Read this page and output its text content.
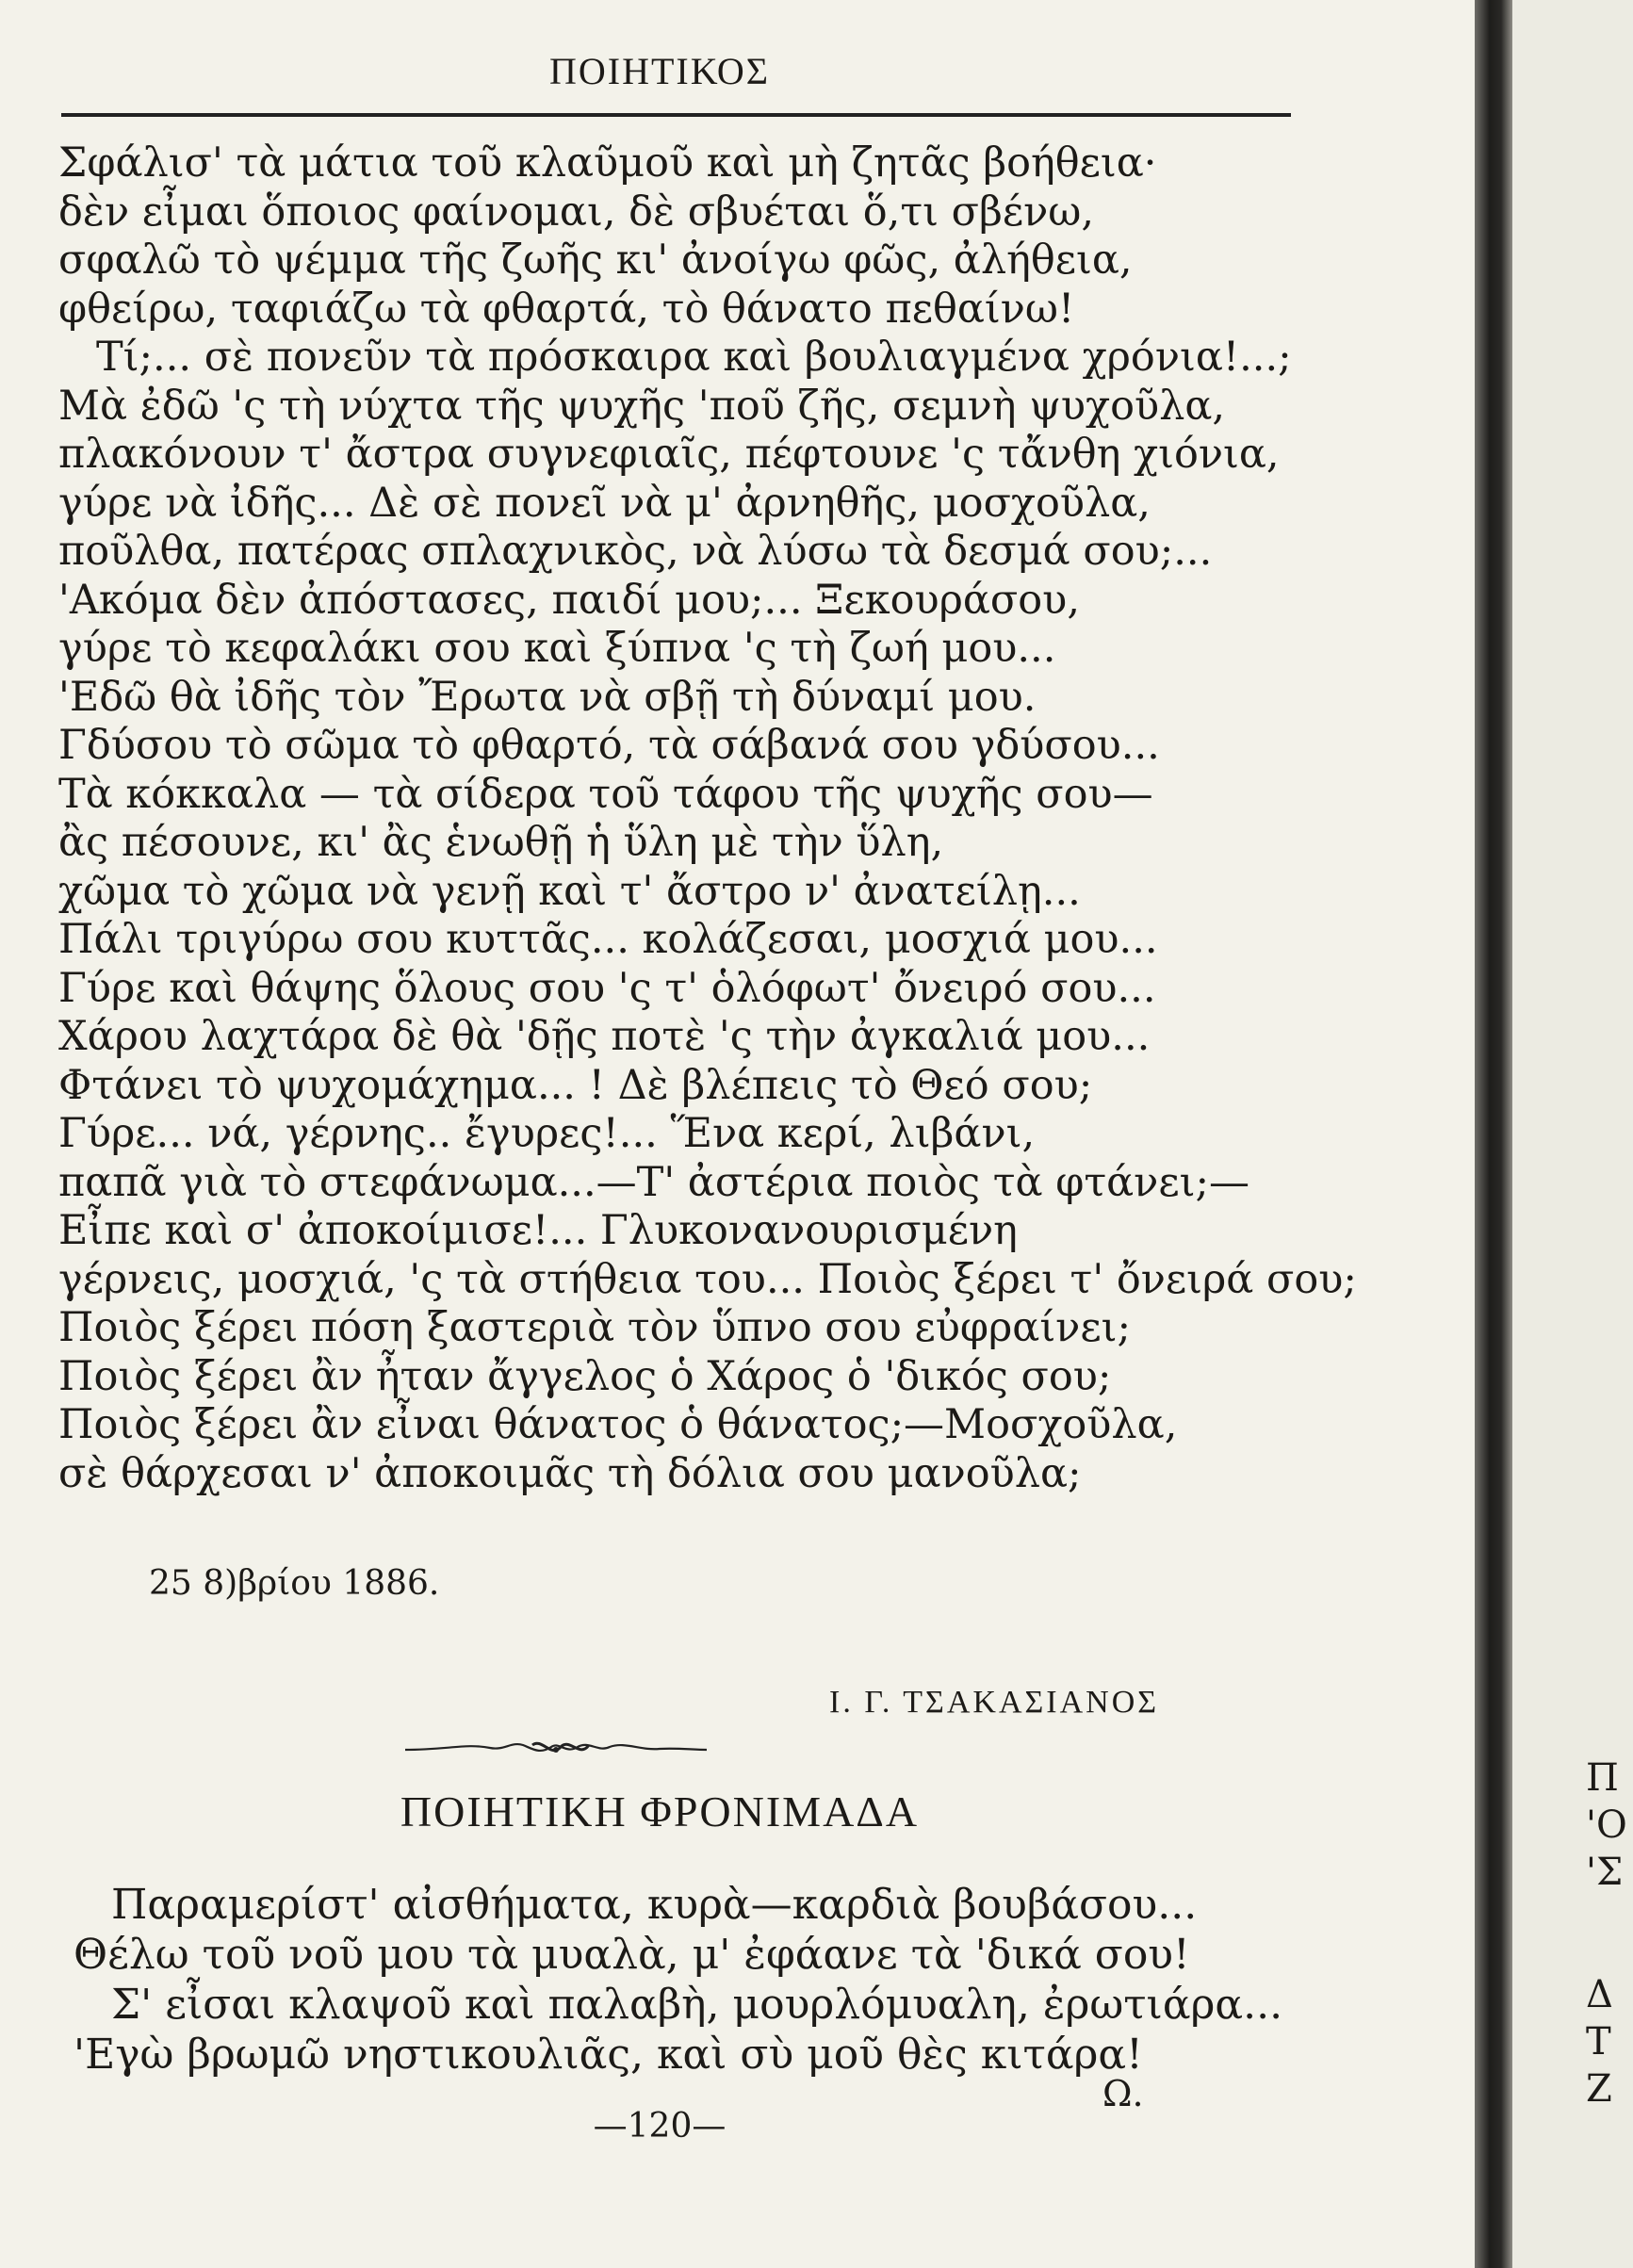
ΠΟΙΗΤΙΚΟΣ
Σφάλισ' τὰ μάτια τοῦ κλαῦμοῦ καὶ μὴ ζητᾶς βοήθεια·
δὲν εἶμαι ὅποιος φαίνομαι, δὲ σβυέται ὅ,τι σβένω,
σφαλῶ τὸ ψέμμα τῆς ζωῆς κι' ἀνοίγω φῶς, ἀλήθεια,
φθείρω, ταφιάζω τὰ φθαρτά, τὸ θάνατο πεθαίνω!
Τί;... σὲ πονεῦν τὰ πρόσκαιρα καὶ βουλιαγμένα χρόνια!...;
Μὰ ἐδῶ 'ς τὴ νύχτα τῆς ψυχῆς 'ποῦ ζῆς, σεμνὴ ψυχοῦλα,
πλακόνουν τ' ἄστρα συγνεφιαῖς, πέφτουνε 'ς τἄνθη χιόνια,
γύρε νὰ ἰδῆς... Δὲ σὲ πονεῖ νὰ μ' ἀρνηθῆς, μοσχοῦλα,
ποῦλθα, πατέρας σπλαχνικὸς, νὰ λύσω τὰ δεσμά σου;...
'Ακόμα δὲν ἀπόστασες, παιδί μου;... Ξεκουράσου,
γύρε τὸ κεφαλάκι σου καὶ ξύπνα 'ς τὴ ζωή μου...
'Εδῶ θὰ ἰδῆς τὸν Ἔρωτα νὰ σβῇ τὴ δύναμί μου.
Γδύσου τὸ σῶμα τὸ φθαρτό, τὰ σάβανά σου γδύσου...
Τὰ κόκκαλα — τὰ σίδερα τοῦ τάφου τῆς ψυχῆς σου—
ἂς πέσουνε, κι' ἂς ἑνωθῇ ἡ ὕλη μὲ τὴν ὕλη,
χῶμα τὸ χῶμα νὰ γενῇ καὶ τ' ἄστρο ν' ἀνατείλῃ...
Πάλι τριγύρω σου κυττᾶς... κολάζεσαι, μοσχιά μου...
Γύρε καὶ θάψης ὅλους σου 'ς τ' ὁλόφωτ' ὄνειρό σου...
Χάρου λαχτάρα δὲ θὰ 'δῇς ποτὲ 'ς τὴν ἀγκαλιά μου...
Φτάνει τὸ ψυχομάχημα... ! Δὲ βλέπεις τὸ Θεό σου;
Γύρε... νά, γέρνης.. ἔγυρες!... Ἕνα κερί, λιβάνι,
παπᾶ γιὰ τὸ στεφάνωμα...—Τ' ἀστέρια ποιὸς τὰ φτάνει;—
Εἶπε καὶ σ' ἀποκοίμισε!... Γλυκονανουρισμένη
γέρνεις, μοσχιά, 'ς τὰ στήθεια του... Ποιὸς ξέρει τ' ὄνειρά σου;
Ποιὸς ξέρει πόση ξαστεριὰ τὸν ὕπνο σου εὐφραίνει;
Ποιὸς ξέρει ἂν ἦταν ἄγγελος ὁ Χάρος ὁ 'δικός σου;
Ποιὸς ξέρει ἂν εἶναι θάνατος ὁ θάνατος;—Μοσχοῦλα,
σὲ θάρχεσαι ν' ἀποκοιμᾶς τὴ δόλια σου μανοῦλα;
25 8)βρίου 1886.
Ι. Γ. ΤΣΑΚΑΣΙΑΝΟΣ
ΠΟΙΗΤΙΚΗ ΦΡΟΝΙΜΑΔΑ
Παραμερίστ' αἰσθήματα, κυρὰ—καρδιὰ βουβάσου...
Θέλω τοῦ νοῦ μου τὰ μυαλὰ, μ' ἐφάανε τὰ 'δικά σου!
Σ' εἶσαι κλαψοῦ καὶ παλαβὴ, μουρλόμυαλη, ἐρωτιάρα...
'Εγὼ βρωμῶ νηστικουλιᾶς, καὶ σὺ μοῦ θὲς κιτάρα!
Ω.
—120—
Π
'Ο
'Σ
Δ
Τ
Ζ
